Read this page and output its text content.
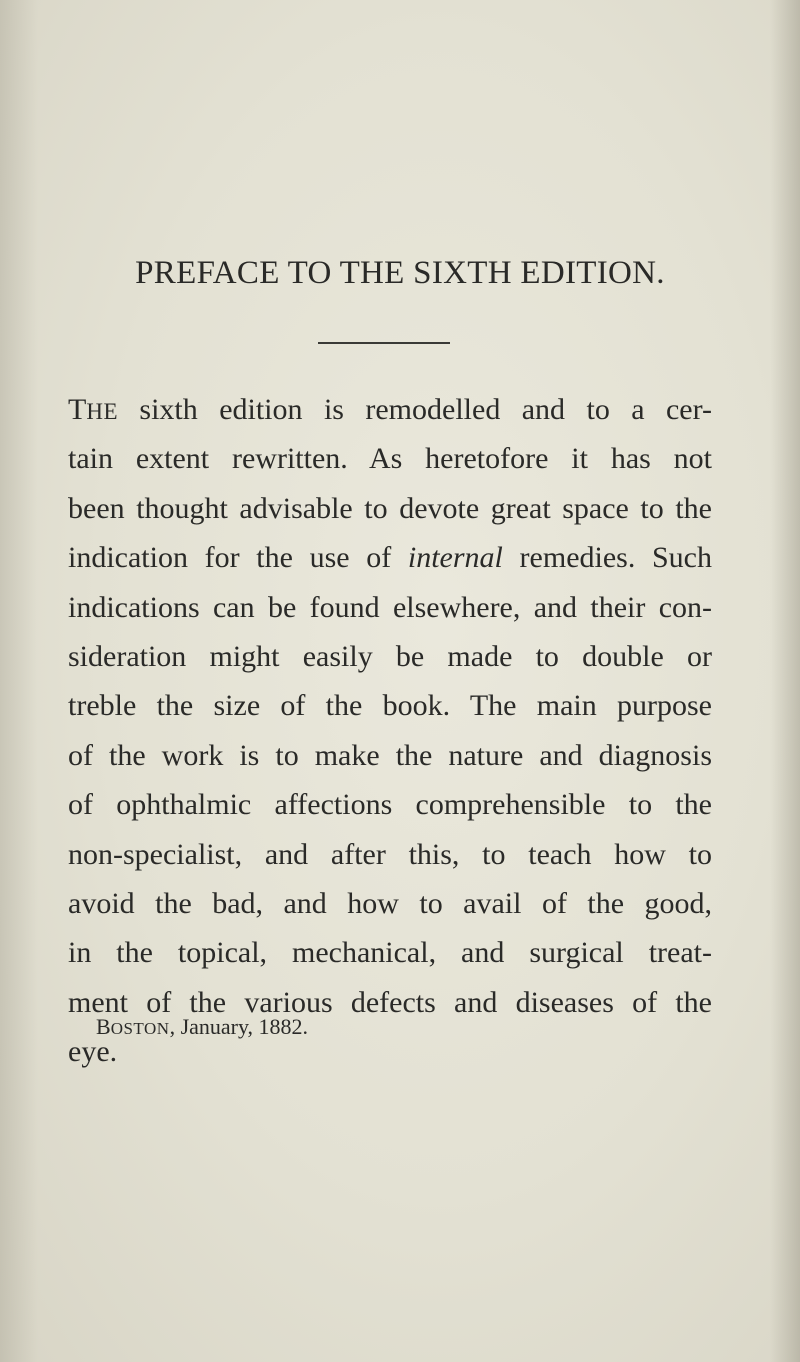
PREFACE TO THE SIXTH EDITION.
THE sixth edition is remodelled and to a cer-
tain extent rewritten. As heretofore it has not
been thought advisable to devote great space to the
indication for the use of internal remedies. Such
indications can be found elsewhere, and their con-
sideration might easily be made to double or
treble the size of the book. The main purpose
of the work is to make the nature and diagnosis
of ophthalmic affections comprehensible to the
non-specialist, and after this, to teach how to
avoid the bad, and how to avail of the good,
in the topical, mechanical, and surgical treat-
ment of the various defects and diseases of the
eye.
BOSTON, January, 1882.
